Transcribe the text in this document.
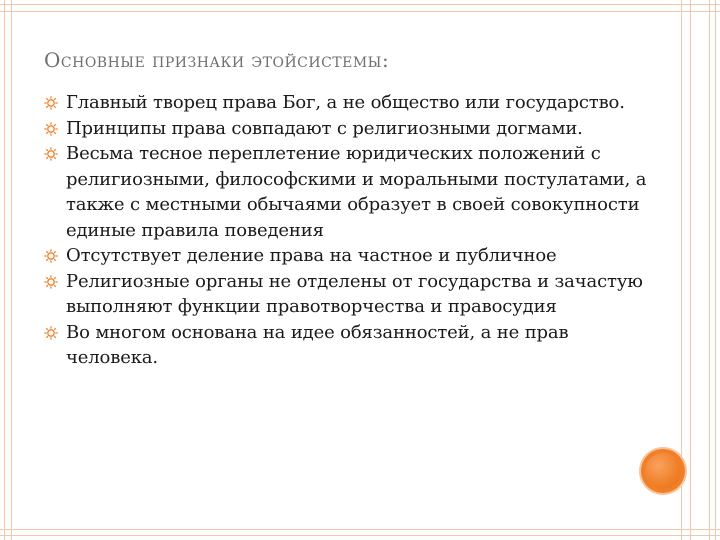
Основные признаки этойсистемы:
Главный творец права Бог, а не общество или государство.
Принципы права совпадают с религиозными догмами.
Весьма тесное переплетение юридических положений с религиозными, философскими и моральными постулатами, а также с местными обычаями образует в своей совокупности единые правила поведения
Отсутствует деление права на частное и публичное
Религиозные органы не отделены от государства и зачастую выполняют функции правотворчества и правосудия
Во многом основана на идее обязанностей, а не прав человека.
